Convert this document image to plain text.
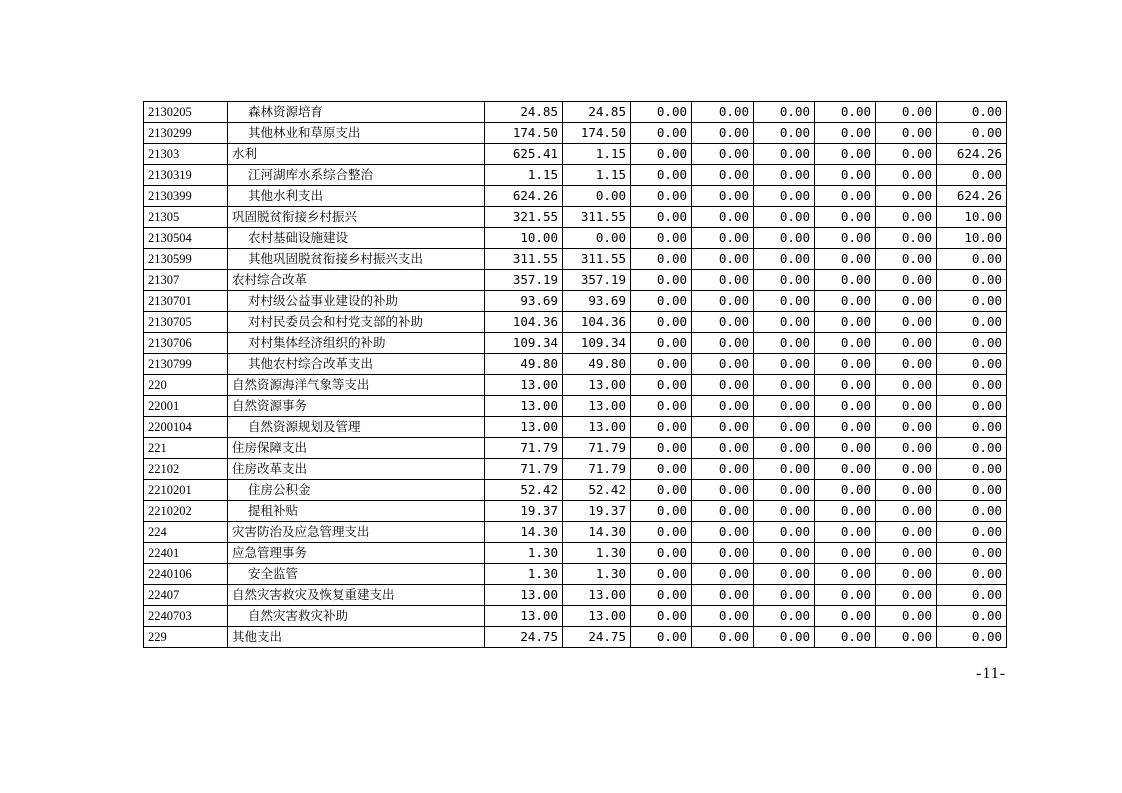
2130205	森林资源培育	24.85	24.85	0.00	0.00	0.00	0.00	0.00	0.00
2130299	其他林业和草原支出	174.50	174.50	0.00	0.00	0.00	0.00	0.00	0.00
21303	水利	625.41	1.15	0.00	0.00	0.00	0.00	0.00	624.26
2130319	江河湖库水系综合整治	1.15	1.15	0.00	0.00	0.00	0.00	0.00	0.00
2130399	其他水利支出	624.26	0.00	0.00	0.00	0.00	0.00	0.00	624.26
21305	巩固脱贫衔接乡村振兴	321.55	311.55	0.00	0.00	0.00	0.00	0.00	10.00
2130504	农村基础设施建设	10.00	0.00	0.00	0.00	0.00	0.00	0.00	10.00
2130599	其他巩固脱贫衔接乡村振兴支出	311.55	311.55	0.00	0.00	0.00	0.00	0.00	0.00
21307	农村综合改革	357.19	357.19	0.00	0.00	0.00	0.00	0.00	0.00
2130701	对村级公益事业建设的补助	93.69	93.69	0.00	0.00	0.00	0.00	0.00	0.00
2130705	对村民委员会和村党支部的补助	104.36	104.36	0.00	0.00	0.00	0.00	0.00	0.00
2130706	对村集体经济组织的补助	109.34	109.34	0.00	0.00	0.00	0.00	0.00	0.00
2130799	其他农村综合改革支出	49.80	49.80	0.00	0.00	0.00	0.00	0.00	0.00
220	自然资源海洋气象等支出	13.00	13.00	0.00	0.00	0.00	0.00	0.00	0.00
22001	自然资源事务	13.00	13.00	0.00	0.00	0.00	0.00	0.00	0.00
2200104	自然资源规划及管理	13.00	13.00	0.00	0.00	0.00	0.00	0.00	0.00
221	住房保障支出	71.79	71.79	0.00	0.00	0.00	0.00	0.00	0.00
22102	住房改革支出	71.79	71.79	0.00	0.00	0.00	0.00	0.00	0.00
2210201	住房公积金	52.42	52.42	0.00	0.00	0.00	0.00	0.00	0.00
2210202	提租补贴	19.37	19.37	0.00	0.00	0.00	0.00	0.00	0.00
224	灾害防治及应急管理支出	14.30	14.30	0.00	0.00	0.00	0.00	0.00	0.00
22401	应急管理事务	1.30	1.30	0.00	0.00	0.00	0.00	0.00	0.00
2240106	安全监管	1.30	1.30	0.00	0.00	0.00	0.00	0.00	0.00
22407	自然灾害救灾及恢复重建支出	13.00	13.00	0.00	0.00	0.00	0.00	0.00	0.00
2240703	自然灾害救灾补助	13.00	13.00	0.00	0.00	0.00	0.00	0.00	0.00
229	其他支出	24.75	24.75	0.00	0.00	0.00	0.00	0.00	0.00
-11-
